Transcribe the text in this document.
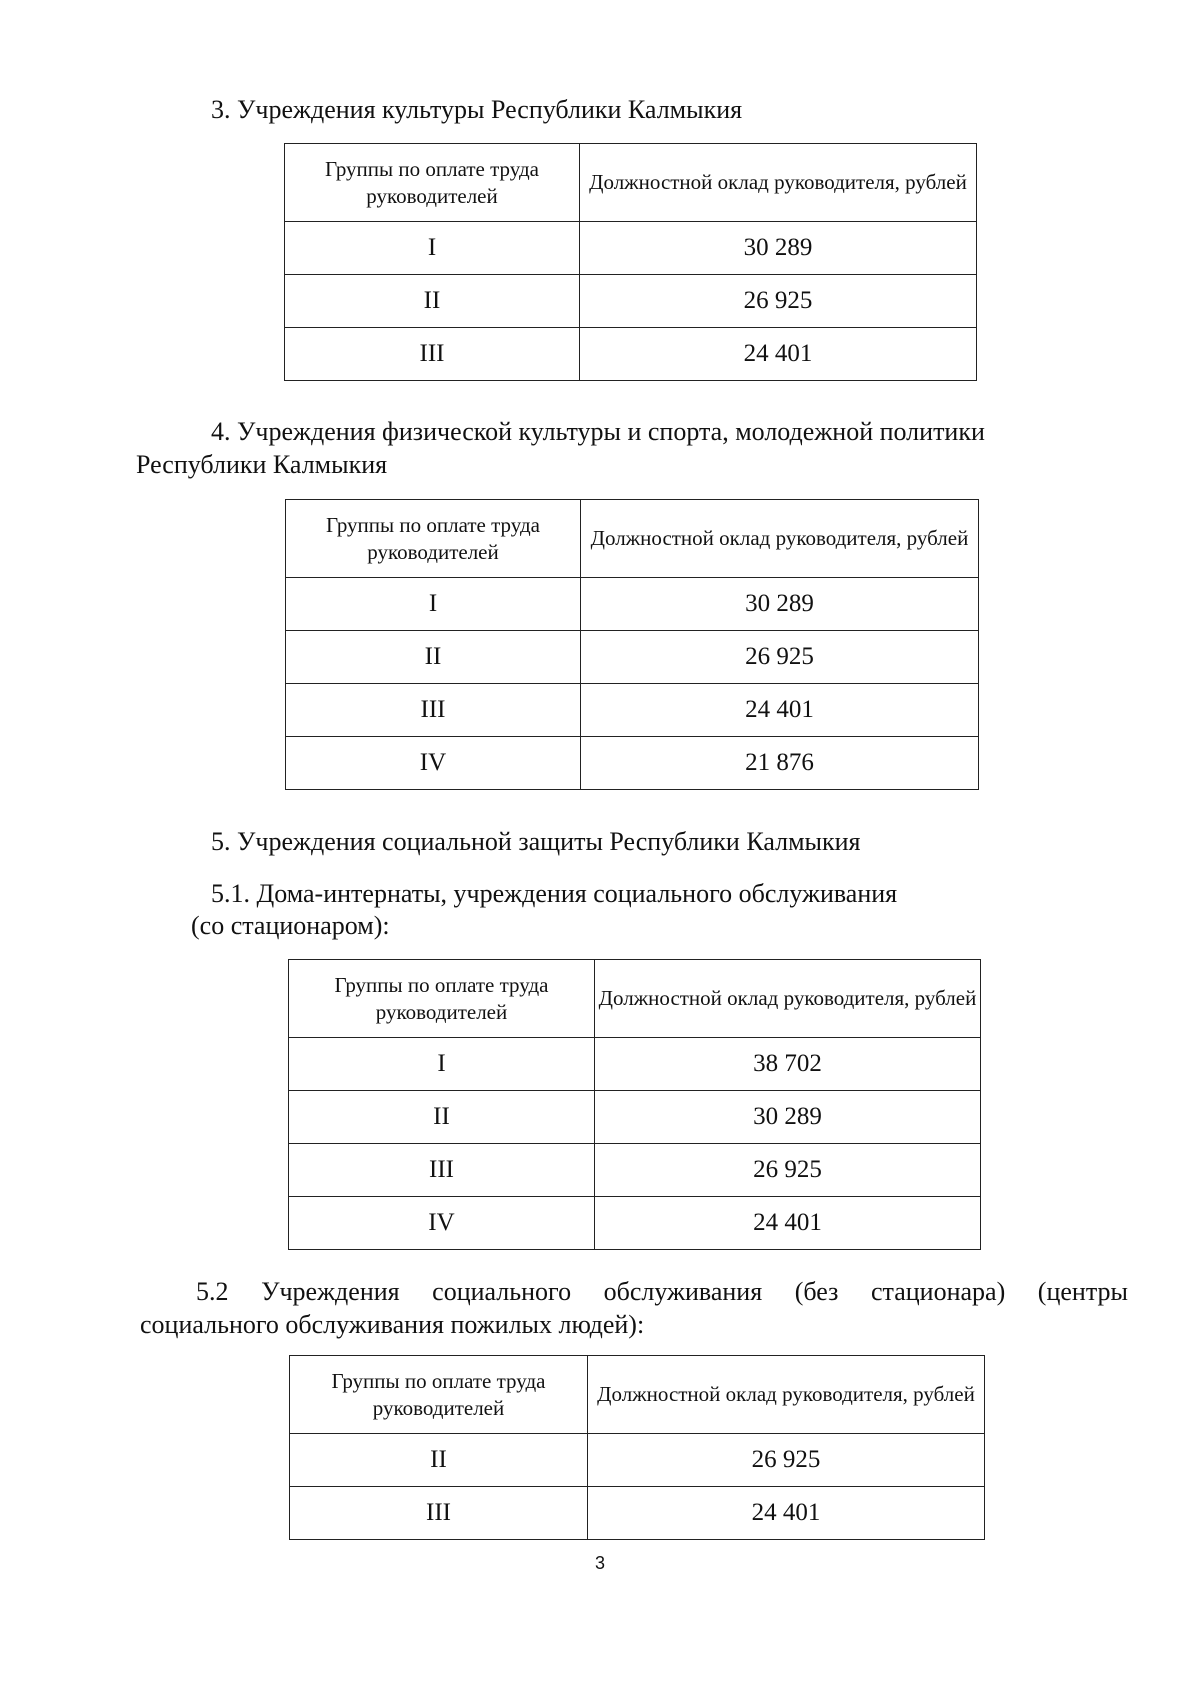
3. Учреждения культуры Республики Калмыкия
Группы по оплате труда руководителей	Должностной оклад руководителя, рублей
I	30 289
II	26 925
III	24 401
4. Учреждения физической культуры и спорта, молодежной политики
Республики Калмыкия
Группы по оплате труда руководителей	Должностной оклад руководителя, рублей
I	30 289
II	26 925
III	24 401
IV	21 876
5. Учреждения социальной защиты Республики Калмыкия
5.1. Дома-интернаты, учреждения социального обслуживания
(со стационаром):
Группы по оплате труда руководителей	Должностной оклад руководителя, рублей
I	38 702
II	30 289
III	26 925
IV	24 401
5.2 Учреждения социального обслуживания (без стационара) (центры
социального обслуживания пожилых людей):
Группы по оплате труда руководителей	Должностной оклад руководителя, рублей
II	26 925
III	24 401
3
